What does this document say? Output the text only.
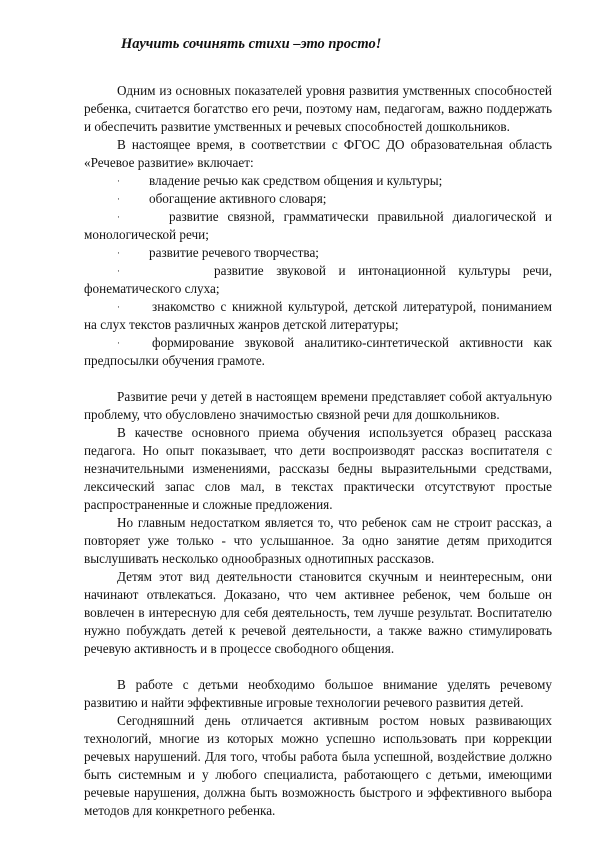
Научить сочинять стихи –это просто!

Одним из основных показателей уровня развития умственных способностей ребенка, считается богатство его речи, поэтому нам, педагогам, важно поддержать и обеспечить развитие умственных и речевых способностей дошкольников.

В настоящее время, в соответствии с ФГОС ДО образовательная область «Речевое развитие» включает:

· владение речью как средством общения и культуры;
· обогащение активного словаря;
·	развитие связной, грамматически правильной диалогической и монологической речи;
· развитие речевого творчества;
·	развитие звуковой и интонационной культуры речи, фонематического слуха;
·	знакомство с книжной культурой, детской литературой, пониманием на слух текстов различных жанров детской литературы;
·	формирование звуковой аналитико-синтетической активности как предпосылки обучения грамоте.

Развитие речи у детей в настоящем времени представляет собой актуальную проблему, что обусловлено значимостью связной речи для дошкольников.

В качестве основного приема обучения используется образец рассказа педагога. Но опыт показывает, что дети воспроизводят рассказ воспитателя с незначительными изменениями, рассказы бедны выразительными средствами, лексический запас слов мал, в текстах практически отсутствуют простые распространенные и сложные предложения.

Но главным недостатком является то, что ребенок сам не строит рассказ, а повторяет уже только - что услышанное. За одно занятие детям приходится выслушивать несколько однообразных однотипных рассказов.

Детям этот вид деятельности становится скучным и неинтересным, они начинают отвлекаться. Доказано, что чем активнее ребенок, чем больше он вовлечен в интересную для себя деятельность, тем лучше результат. Воспитателю нужно побуждать детей к речевой деятельности, а также важно стимулировать речевую активность и в процессе свободного общения.

В работе с детьми необходимо большое внимание уделять речевому развитию и найти эффективные игровые технологии речевого развития детей.

Сегодняшний день отличается активным ростом новых развивающих технологий, многие из которых можно успешно использовать при коррекции речевых нарушений. Для того, чтобы работа была успешной, воздействие должно быть системным и у любого специалиста, работающего с детьми, имеющими речевые нарушения, должна быть возможность быстрого и эффективного выбора методов для конкретного ребенка.
